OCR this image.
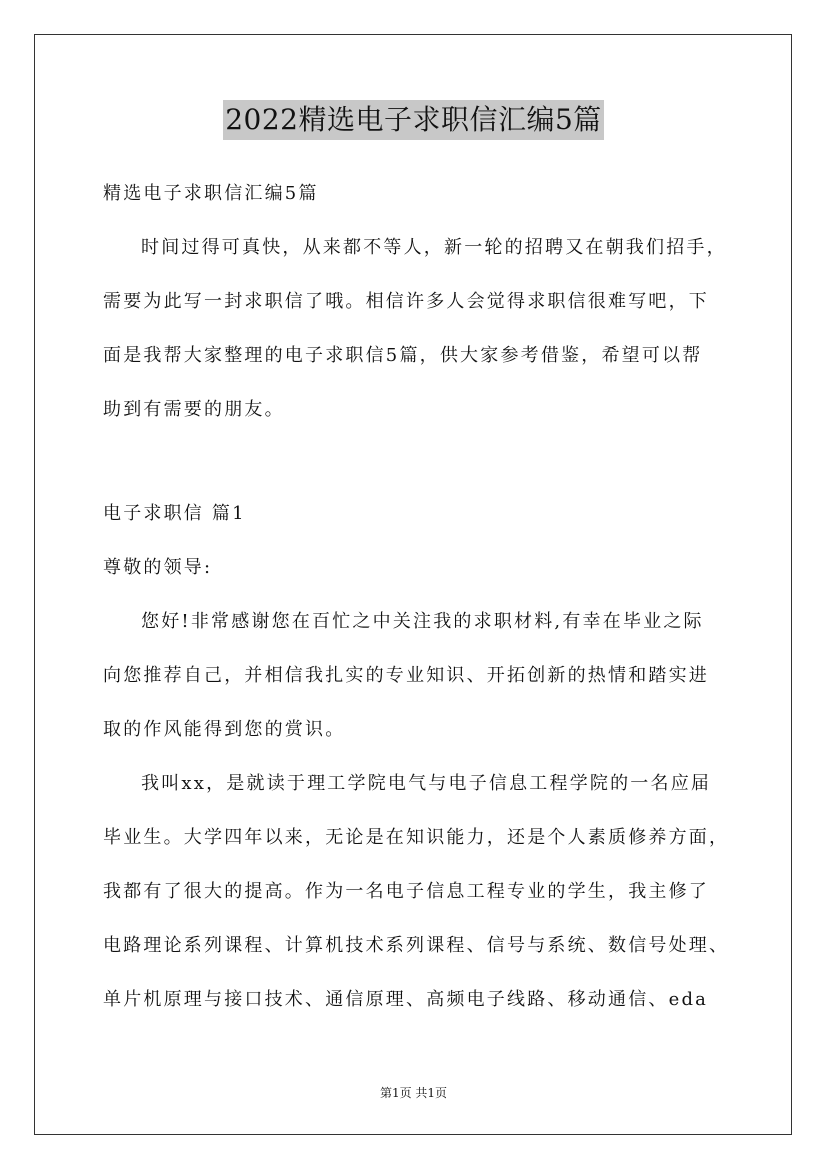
2022精选电子求职信汇编5篇
精选电子求职信汇编5篇
时间过得可真快，从来都不等人，新一轮的招聘又在朝我们招手，
需要为此写一封求职信了哦。相信许多人会觉得求职信很难写吧，下
面是我帮大家整理的电子求职信5篇，供大家参考借鉴，希望可以帮
助到有需要的朋友。
电子求职信 篇1
尊敬的领导:
您好!非常感谢您在百忙之中关注我的求职材料,有幸在毕业之际
向您推荐自己，并相信我扎实的专业知识、开拓创新的热情和踏实进
取的作风能得到您的赏识。
我叫xx，是就读于理工学院电气与电子信息工程学院的一名应届
毕业生。大学四年以来，无论是在知识能力，还是个人素质修养方面，
我都有了很大的提高。作为一名电子信息工程专业的学生，我主修了
电路理论系列课程、计算机技术系列课程、信号与系统、数信号处理、
单片机原理与接口技术、通信原理、高频电子线路、移动通信、eda
第1页 共1页
